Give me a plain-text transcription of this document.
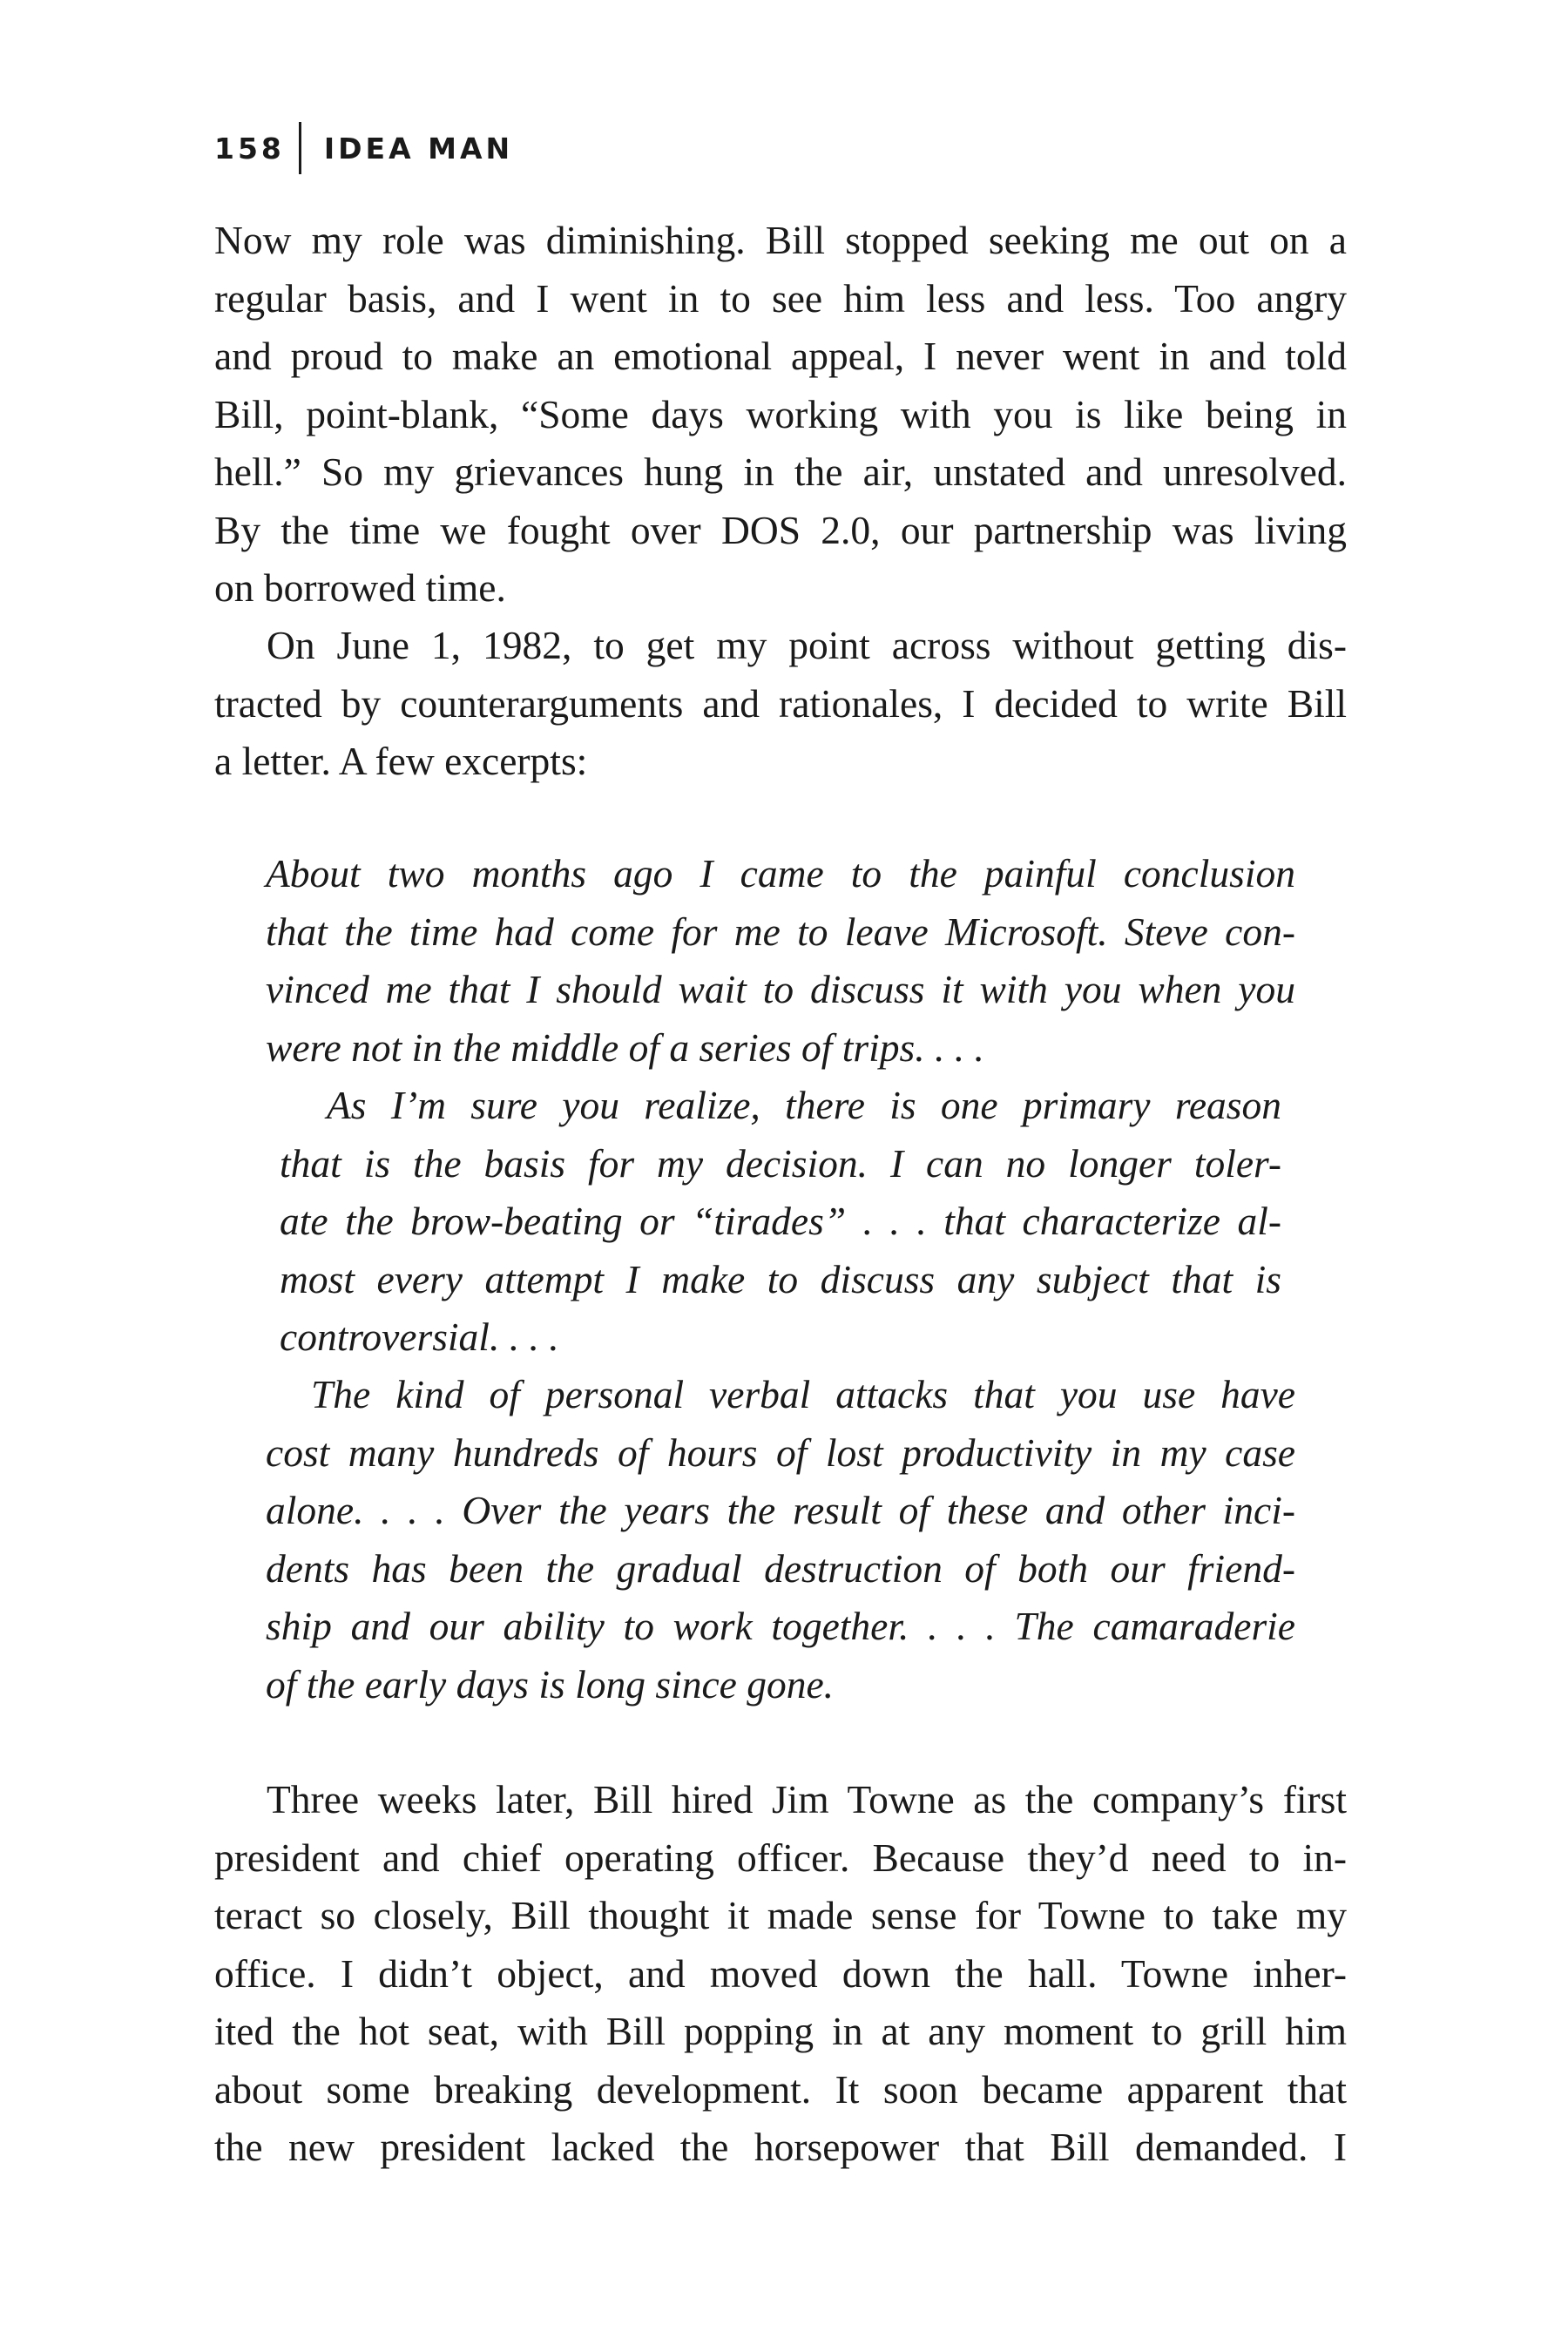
158 IDEA MAN
Now my role was diminishing. Bill stopped seeking me out on a
regular basis, and I went in to see him less and less. Too angry
and proud to make an emotional appeal, I never went in and told
Bill, point-blank, “Some days working with you is like being in
hell.” So my grievances hung in the air, unstated and unresolved.
By the time we fought over DOS 2.0, our partnership was living
on borrowed time.
On June 1, 1982, to get my point across without getting dis-
tracted by counterarguments and rationales, I decided to write Bill
a letter. A few excerpts:
About two months ago I came to the painful conclusion
that the time had come for me to leave Microsoft. Steve con-
vinced me that I should wait to discuss it with you when you
were not in the middle of a series of trips. . . .
As I’m sure you realize, there is one primary reason
that is the basis for my decision. I can no longer toler-
ate the brow-beating or “tirades” . . . that characterize al-
most every attempt I make to discuss any subject that is
controversial. . . .
The kind of personal verbal attacks that you use have
cost many hundreds of hours of lost productivity in my case
alone. . . . Over the years the result of these and other inci-
dents has been the gradual destruction of both our friend-
ship and our ability to work together. . . . The camaraderie
of the early days is long since gone.
Three weeks later, Bill hired Jim Towne as the company’s first
president and chief operating officer. Because they’d need to in-
teract so closely, Bill thought it made sense for Towne to take my
office. I didn’t object, and moved down the hall. Towne inher-
ited the hot seat, with Bill popping in at any moment to grill him
about some breaking development. It soon became apparent that
the new president lacked the horsepower that Bill demanded. I
